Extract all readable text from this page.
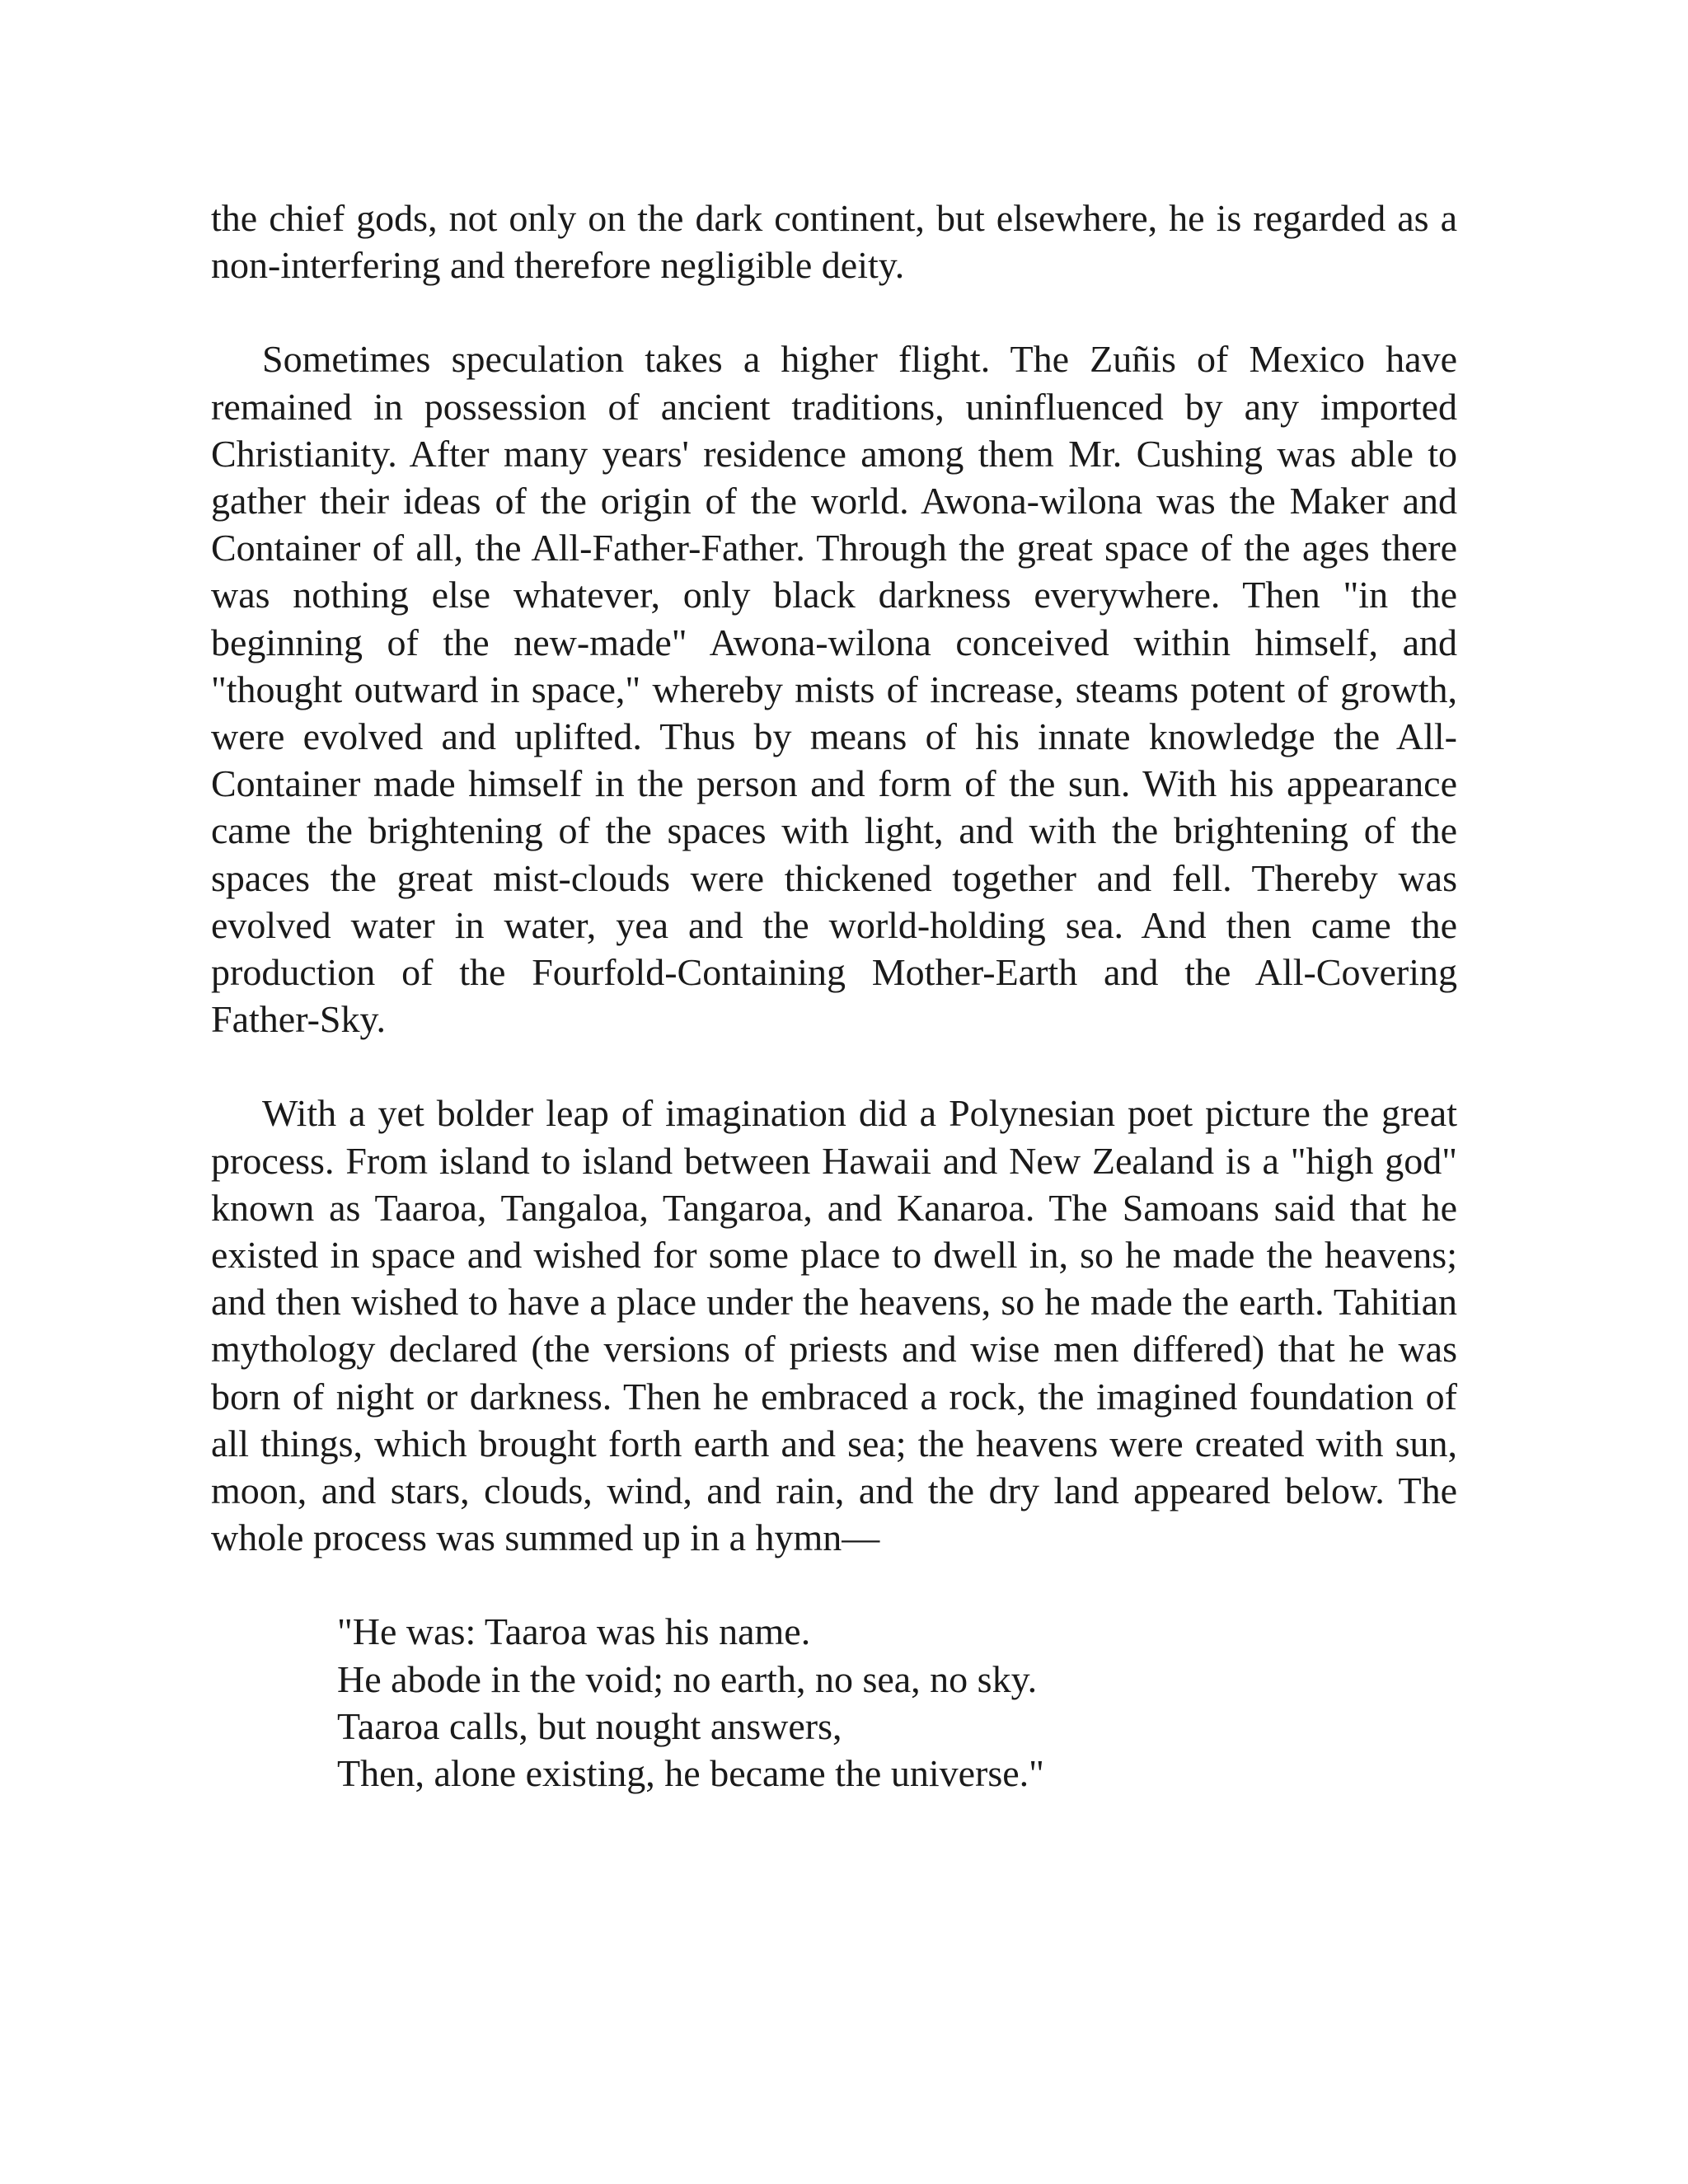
the chief gods, not only on the dark continent, but elsewhere, he is regarded as a non-interfering and therefore negligible deity.

Sometimes speculation takes a higher flight. The Zuñis of Mexico have remained in possession of ancient traditions, uninfluenced by any imported Christianity. After many years' residence among them Mr. Cushing was able to gather their ideas of the origin of the world. Awona-wilona was the Maker and Container of all, the All-Father-Father. Through the great space of the ages there was nothing else whatever, only black darkness everywhere. Then "in the beginning of the new-made" Awona-wilona conceived within himself, and "thought outward in space," whereby mists of increase, steams potent of growth, were evolved and uplifted. Thus by means of his innate knowledge the All-Container made himself in the person and form of the sun. With his appearance came the brightening of the spaces with light, and with the brightening of the spaces the great mist-clouds were thickened together and fell. Thereby was evolved water in water, yea and the world-holding sea. And then came the production of the Fourfold-Containing Mother-Earth and the All-Covering Father-Sky.

With a yet bolder leap of imagination did a Polynesian poet picture the great process. From island to island between Hawaii and New Zealand is a "high god" known as Taaroa, Tangaloa, Tangaroa, and Kanaroa. The Samoans said that he existed in space and wished for some place to dwell in, so he made the heavens; and then wished to have a place under the heavens, so he made the earth. Tahitian mythology declared (the versions of priests and wise men differed) that he was born of night or darkness. Then he embraced a rock, the imagined foundation of all things, which brought forth earth and sea; the heavens were created with sun, moon, and stars, clouds, wind, and rain, and the dry land appeared below. The whole process was summed up in a hymn—

"He was: Taaroa was his name.
He abode in the void; no earth, no sea, no sky.
Taaroa calls, but nought answers,
Then, alone existing, he became the universe."
